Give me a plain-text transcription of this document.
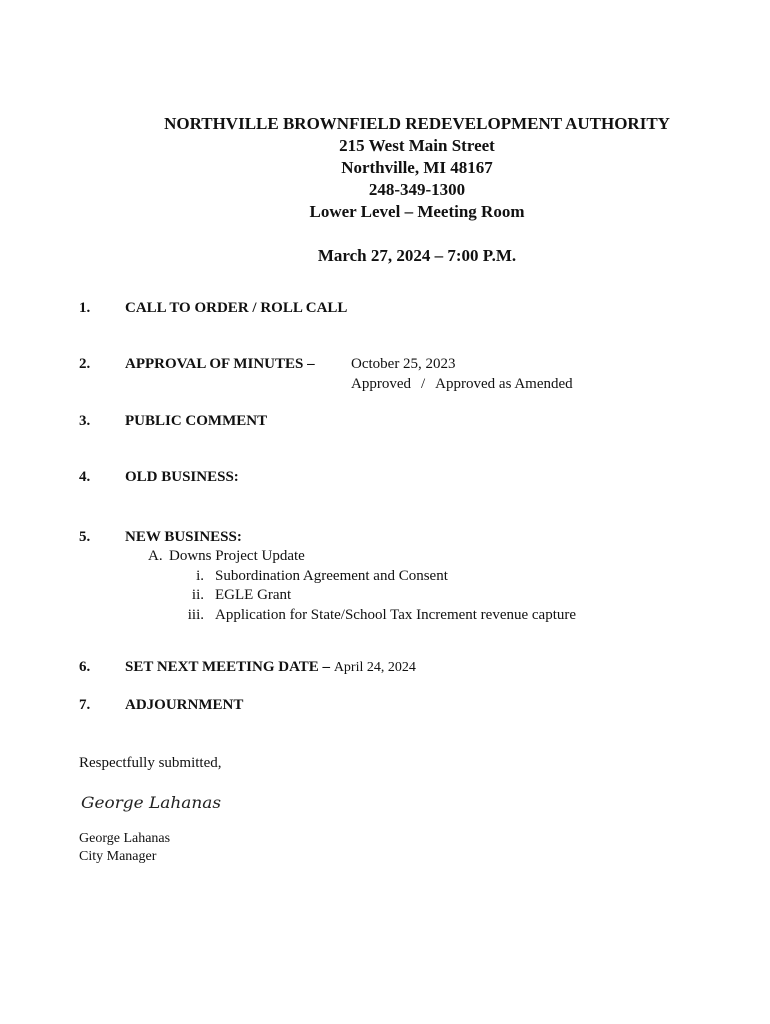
NORTHVILLE BROWNFIELD REDEVELOPMENT AUTHORITY
215 West Main Street
Northville, MI 48167
248-349-1300
Lower Level – Meeting Room
March 27, 2024 – 7:00 P.M.
1. CALL TO ORDER / ROLL CALL
2. APPROVAL OF MINUTES – October 25, 2023
Approved / Approved as Amended
3. PUBLIC COMMENT
4. OLD BUSINESS:
5. NEW BUSINESS:
A. Downs Project Update
i. Subordination Agreement and Consent
ii. EGLE Grant
iii. Application for State/School Tax Increment revenue capture
6. SET NEXT MEETING DATE – April 24, 2024
7. ADJOURNMENT
Respectfully submitted,
George Lahanas
George Lahanas
City Manager
